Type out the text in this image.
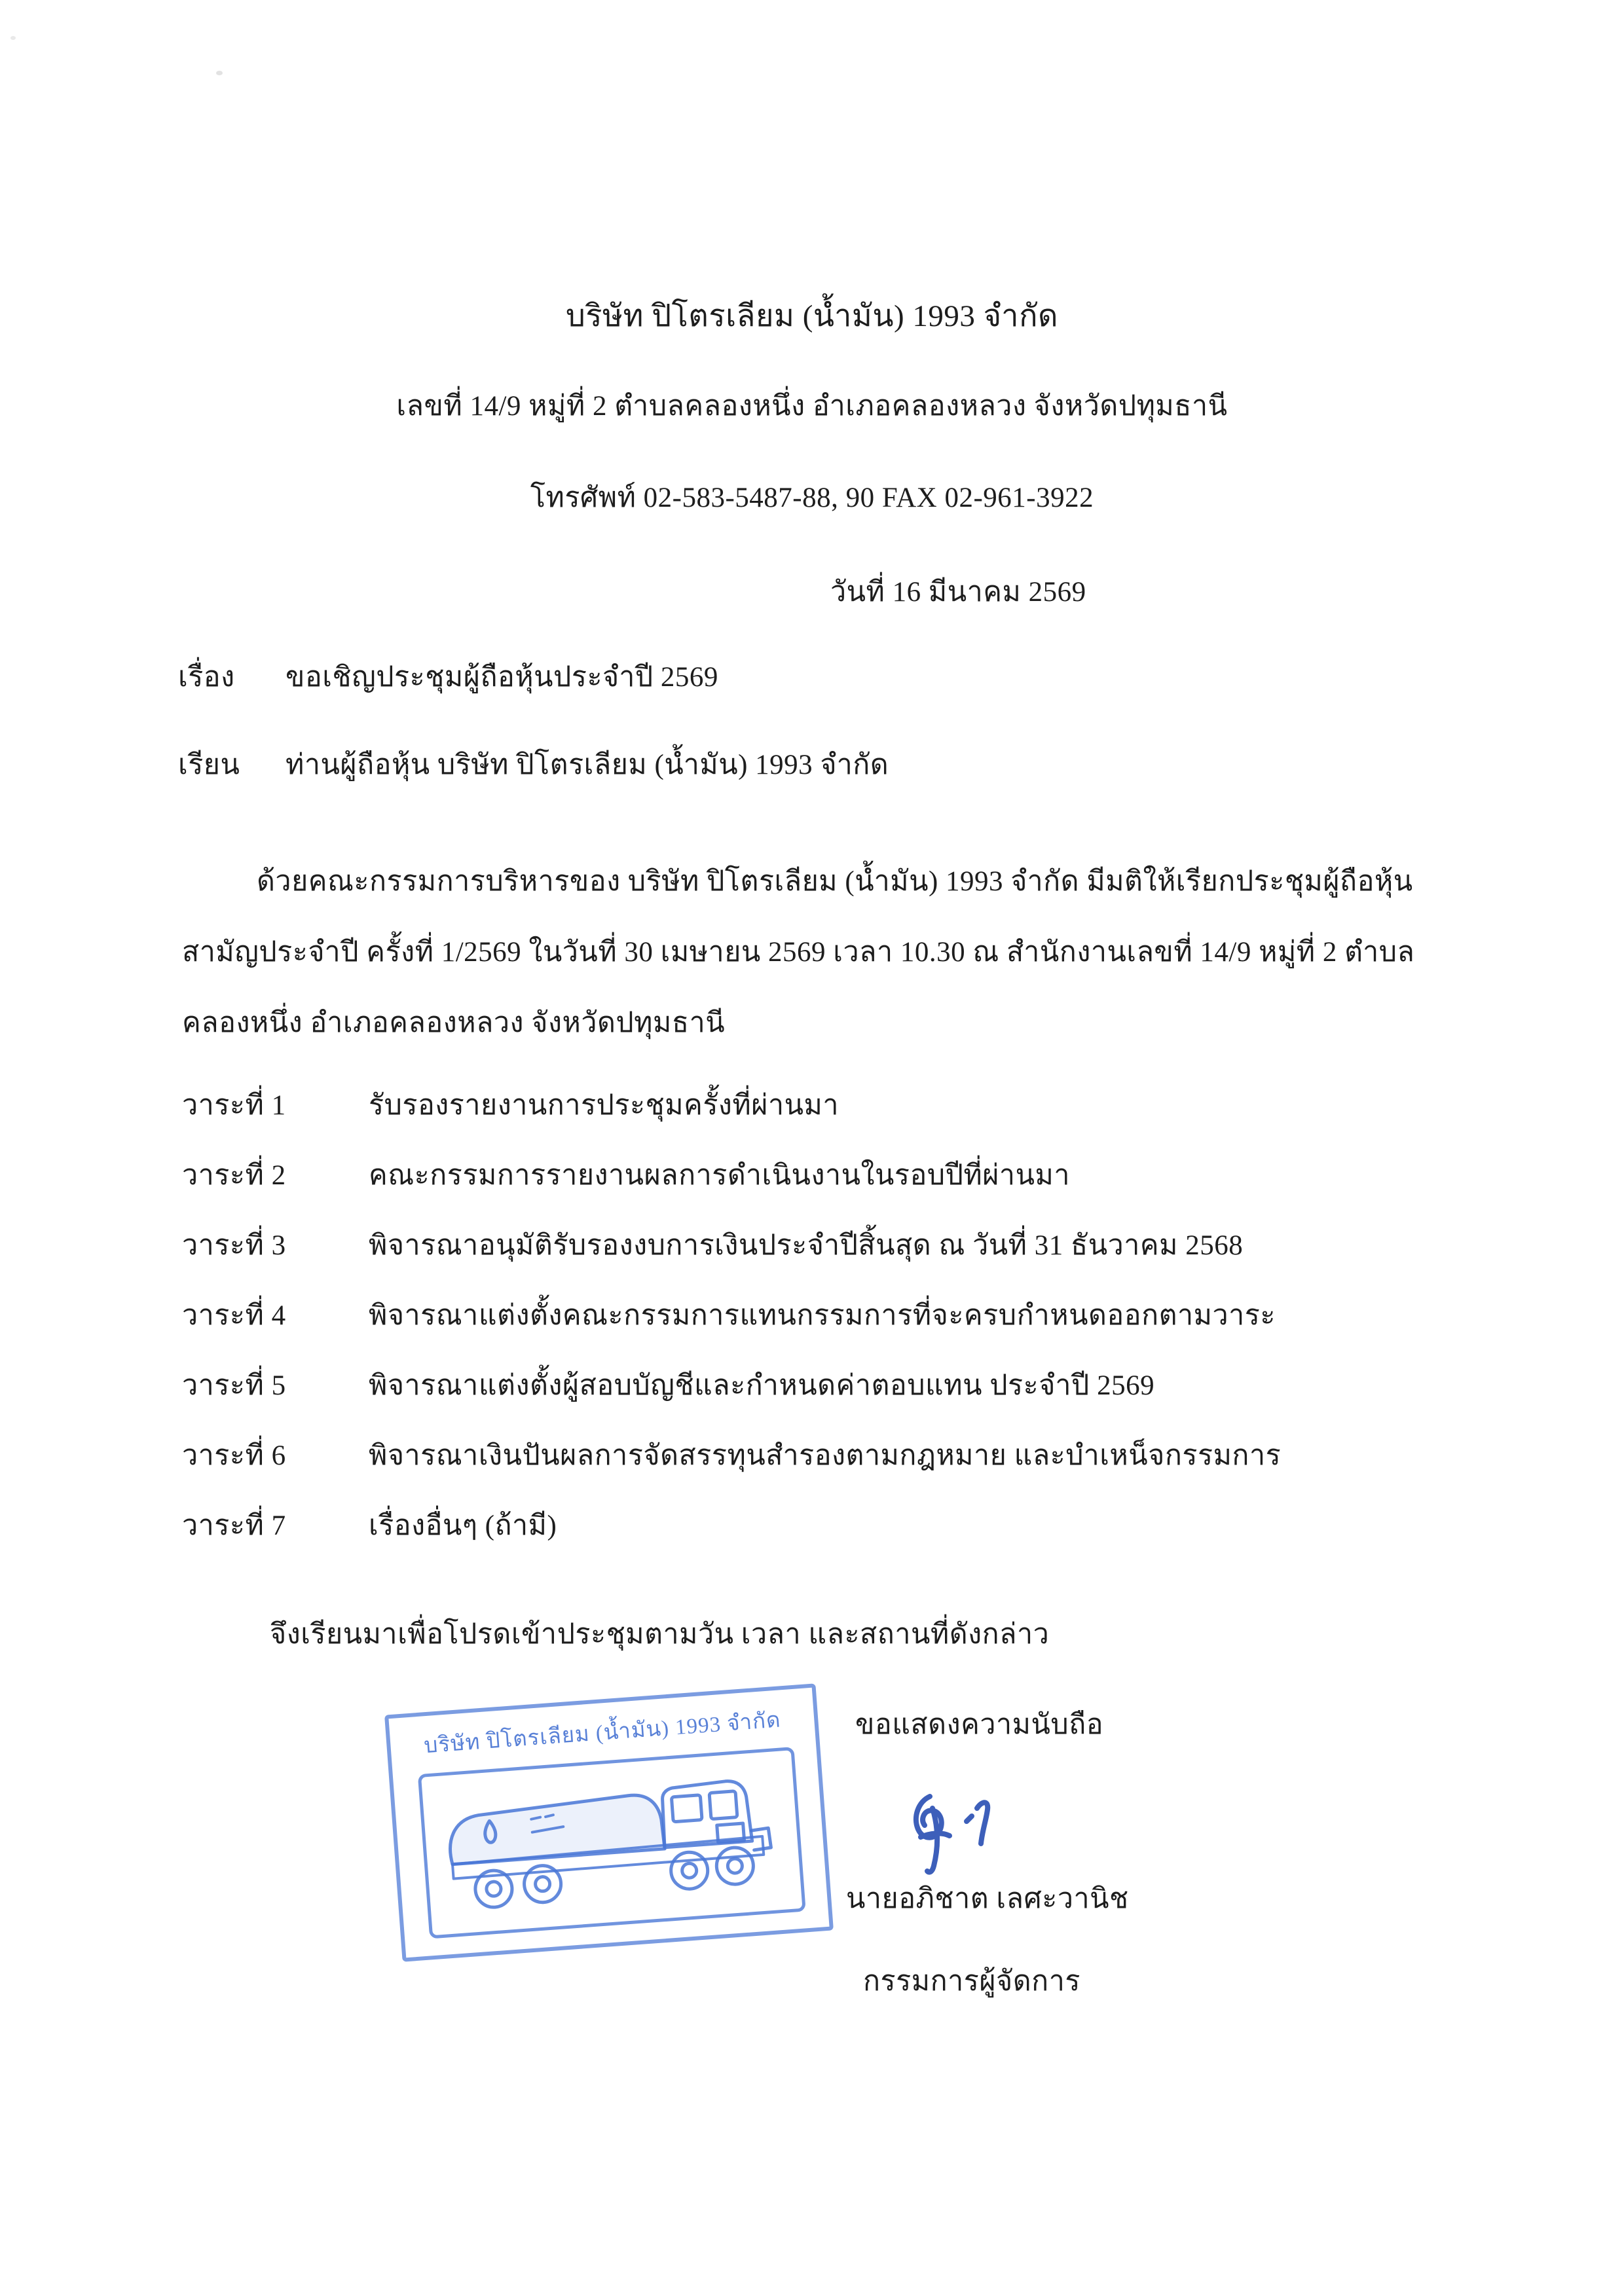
บริษัท ปิโตรเลียม (น้ำมัน) 1993 จำกัด
เลขที่ 14/9 หมู่ที่ 2 ตำบลคลองหนึ่ง อำเภอคลองหลวง จังหวัดปทุมธานี
โทรศัพท์ 02-583-5487-88, 90 FAX 02-961-3922
วันที่ 16 มีนาคม 2569
เรื่อง ขอเชิญประชุมผู้ถือหุ้นประจำปี 2569
เรียน ท่านผู้ถือหุ้น บริษัท ปิโตรเลียม (น้ำมัน) 1993 จำกัด
ด้วยคณะกรรมการบริหารของ บริษัท ปิโตรเลียม (น้ำมัน) 1993 จำกัด มีมติให้เรียกประชุมผู้ถือหุ้น
สามัญประจำปี ครั้งที่ 1/2569 ในวันที่ 30 เมษายน 2569 เวลา 10.30 ณ สำนักงานเลขที่ 14/9 หมู่ที่ 2 ตำบล
คลองหนึ่ง อำเภอคลองหลวง จังหวัดปทุมธานี
วาระที่ 1	รับรองรายงานการประชุมครั้งที่ผ่านมา
วาระที่ 2	คณะกรรมการรายงานผลการดำเนินงานในรอบปีที่ผ่านมา
วาระที่ 3	พิจารณาอนุมัติรับรองงบการเงินประจำปีสิ้นสุด ณ วันที่ 31 ธันวาคม 2568
วาระที่ 4	พิจารณาแต่งตั้งคณะกรรมการแทนกรรมการที่จะครบกำหนดออกตามวาระ
วาระที่ 5	พิจารณาแต่งตั้งผู้สอบบัญชีและกำหนดค่าตอบแทน ประจำปี 2569
วาระที่ 6	พิจารณาเงินปันผลการจัดสรรทุนสำรองตามกฎหมาย และบำเหน็จกรรมการ
วาระที่ 7	เรื่องอื่นๆ (ถ้ามี)
จึงเรียนมาเพื่อโปรดเข้าประชุมตามวัน เวลา และสถานที่ดังกล่าว
บริษัท ปิโตรเลียม (น้ำมัน) 1993 จำกัด	ขอแสดงความนับถือ
นายอภิชาต เลศะวานิช
กรรมการผู้จัดการ
